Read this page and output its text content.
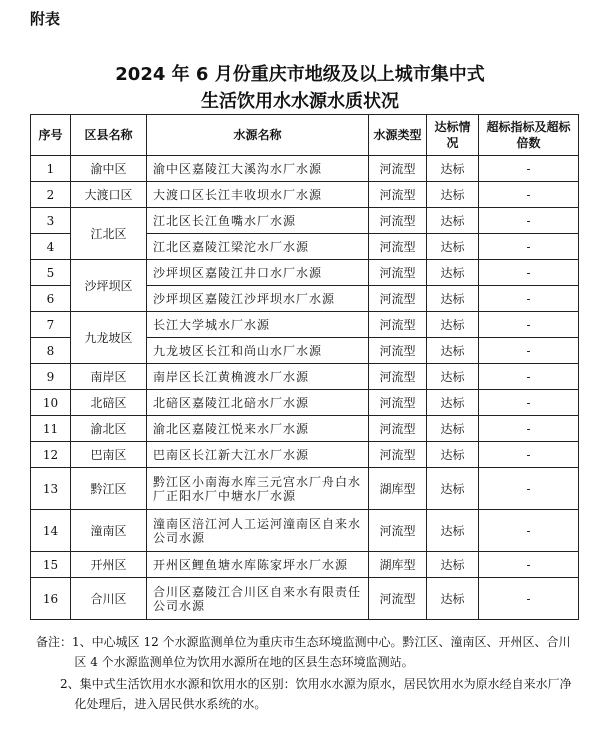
附表
2024 年 6 月份重庆市地级及以上城市集中式
生活饮用水水源水质状况
序号	区县名称	水源名称	水源类型	达标情况	超标指标及超标倍数
1	渝中区	渝中区嘉陵江大溪沟水厂水源	河流型	达标	-
2	大渡口区	大渡口区长江丰收坝水厂水源	河流型	达标	-
3	江北区	江北区长江鱼嘴水厂水源	河流型	达标	-
4		江北区嘉陵江梁沱水厂水源	河流型	达标	-
5	沙坪坝区	沙坪坝区嘉陵江井口水厂水源	河流型	达标	-
6		沙坪坝区嘉陵江沙坪坝水厂水源	河流型	达标	-
7	九龙坡区	长江大学城水厂水源	河流型	达标	-
8		九龙坡区长江和尚山水厂水源	河流型	达标	-
9	南岸区	南岸区长江黄桷渡水厂水源	河流型	达标	-
10	北碚区	北碚区嘉陵江北碚水厂水源	河流型	达标	-
11	渝北区	渝北区嘉陵江悦来水厂水源	河流型	达标	-
12	巴南区	巴南区长江新大江水厂水源	河流型	达标	-
13	黔江区	黔江区小南海水库三元宫水厂舟白水厂正阳水厂中塘水厂水源	湖库型	达标	-
14	潼南区	潼南区涪江河人工运河潼南区自来水公司水源	河流型	达标	-
15	开州区	开州区鲤鱼塘水库陈家坪水厂水源	湖库型	达标	-
16	合川区	合川区嘉陵江合川区自来水有限责任公司水源	河流型	达标	-

备注：1、中心城区 12 个水源监测单位为重庆市生态环境监测中心。黔江区、潼南区、开州区、合川区 4 个水源监测单位为饮用水源所在地的区县生态环境监测站。

2、集中式生活饮用水水源和饮用水的区别：饮用水水源为原水，居民饮用水为原水经自来水厂净化处理后，进入居民供水系统的水。
